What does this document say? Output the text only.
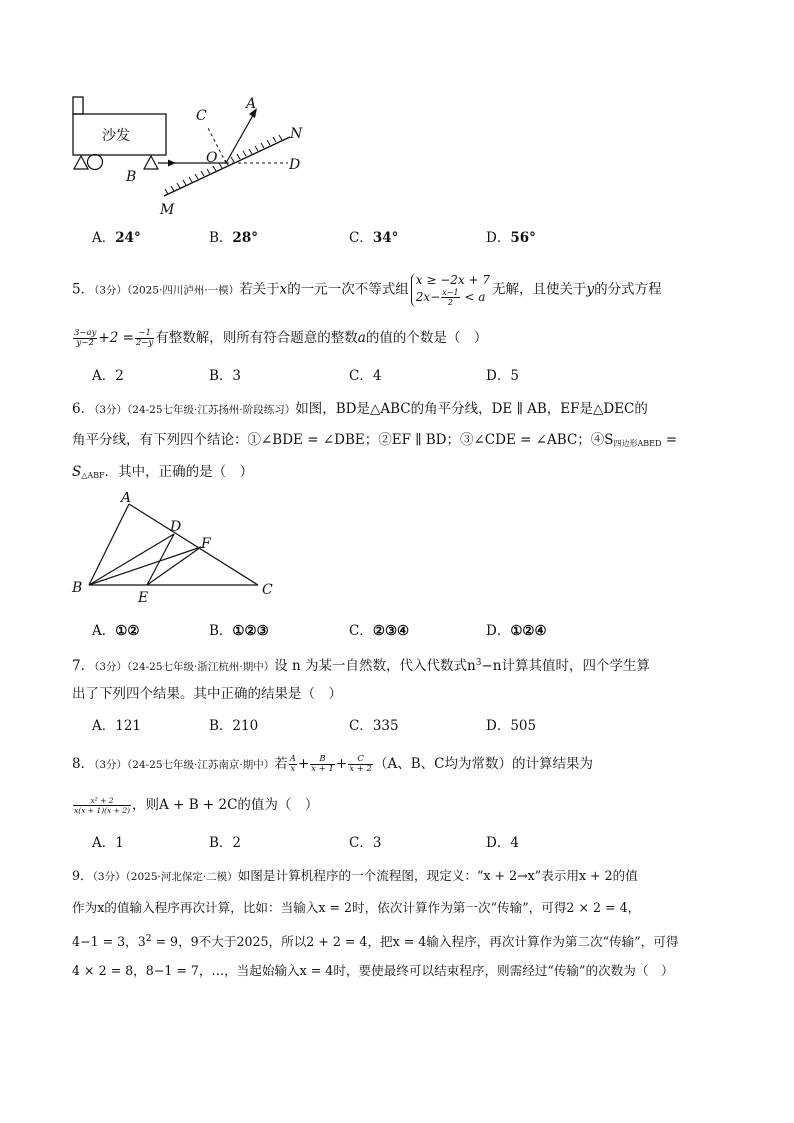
沙发
B
M
N
A
C
D
O
A．24°	B．28°	C．34°	D．56°
5．（3分）（2025·四川泸州·一模）若关于x的一元一次不等式组
x ≥ −2x + 7
$2x- \frac{x-1}{2} < a$ 无解，且使关于y的分式方程
$\frac{3-ay}{y-2} +2 = \frac{-1}{2-y}$ 有整数解，则所有符合题意的整数a的值的个数是（　）
A．2	B．3	C．4	D．5
6．（3分）（24-25七年级·江苏扬州·阶段练习）如图，BD是△ABC的角平分线，DE ∥ AB，EF是△DEC的
角平分线，有下列四个结论：①∠BDE = ∠DBE；②EF ∥ BD；③∠CDE = ∠ABC；$④S_{四边形ABED}$ =
$S_{\triangle ABF}$．其中，正确的是（　）
A
B	C
D
E
F
A．①②	B．①②③	C．②③④	D．①②④
7．（3分）（24-25七年级·浙江杭州·期中）设 n 为某一自然数，代入代数式$n^3-n$计算其值时，四个学生算
出了下列四个结果。其中正确的结果是（　）
A．121	B．210	C．335	D．505
8．（3分）（24-25七年级·江苏南京·期中）若 $\frac{A}{x} + \frac{B}{x + 1} + \frac{C}{x + 2} (A$、B、C均为常数）的计算结果为
$\frac{\text{x² + 2}}{x(x + 1)(x + 2)}$ ，则A + B + 2C的值为（　）
A．1	B．2	C．3	D．4
9．（3分）（2025·河北保定·二模）如图是计算机程序的一个流程图，现定义：“x + 2→x”表示用x + 2的值
作为x的值输入程序再次计算，比如：当输入x = 2时，依次计算作为第一次“传输”，可得2 × 2 = 4，
4−1 = 3，$3^2 = 9$，9不大于2025，所以2 + 2 = 4，把x = 4输入程序，再次计算作为第二次“传输”，可得
4 × 2 = 8，8−1 = 7，…，当起始输入x = 4时，要使最终可以结束程序，则需经过“传输”的次数为（　）
